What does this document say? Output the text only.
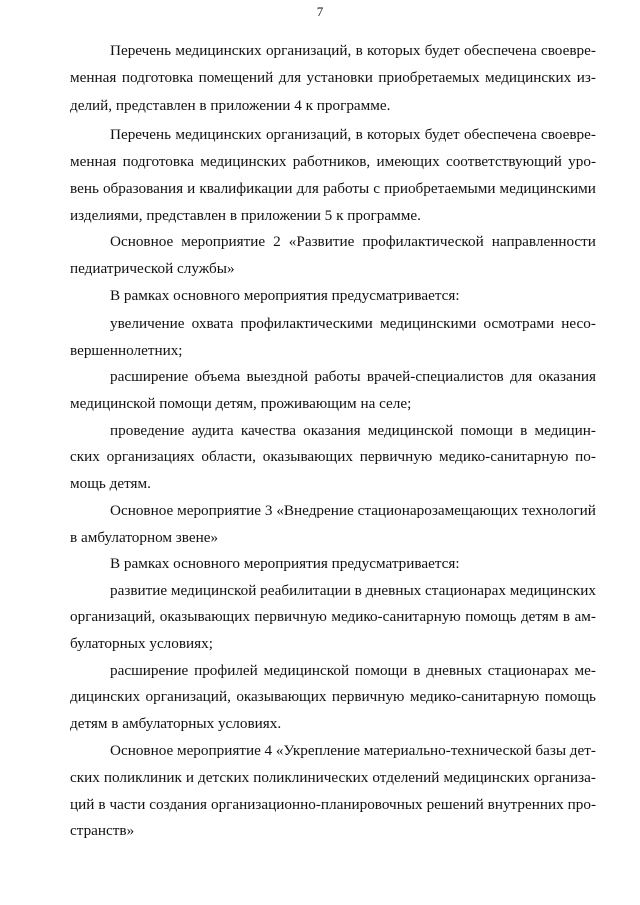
7
Перечень медицинских организаций, в которых будет обеспечена своевре-
менная подготовка помещений для установки приобретаемых медицинских из-
делий, представлен в приложении 4 к программе.
Перечень медицинских организаций, в которых будет обеспечена своевре-
менная подготовка медицинских работников, имеющих соответствующий уро-
вень образования и квалификации для работы с приобретаемыми медицинскими
изделиями, представлен в приложении 5 к программе.
Основное мероприятие 2 «Развитие профилактической направленности
педиатрической службы»
В рамках основного мероприятия предусматривается:
увеличение охвата профилактическими медицинскими осмотрами несо-
вершеннолетних;
расширение объема выездной работы врачей-специалистов для оказания
медицинской помощи детям, проживающим на селе;
проведение аудита качества оказания медицинской помощи в медицин-
ских организациях области, оказывающих первичную медико-санитарную по-
мощь детям.
Основное мероприятие 3 «Внедрение стационарозамещающих технологий
в амбулаторном звене»
В рамках основного мероприятия предусматривается:
развитие медицинской реабилитации в дневных стационарах медицинских
организаций, оказывающих первичную медико-санитарную помощь детям в ам-
булаторных условиях;
расширение профилей медицинской помощи в дневных стационарах ме-
дицинских организаций, оказывающих первичную медико-санитарную помощь
детям в амбулаторных условиях.
Основное мероприятие 4 «Укрепление материально-технической базы дет-
ских поликлиник и детских поликлинических отделений медицинских организа-
ций в части создания организационно-планировочных решений внутренних про-
странств»
